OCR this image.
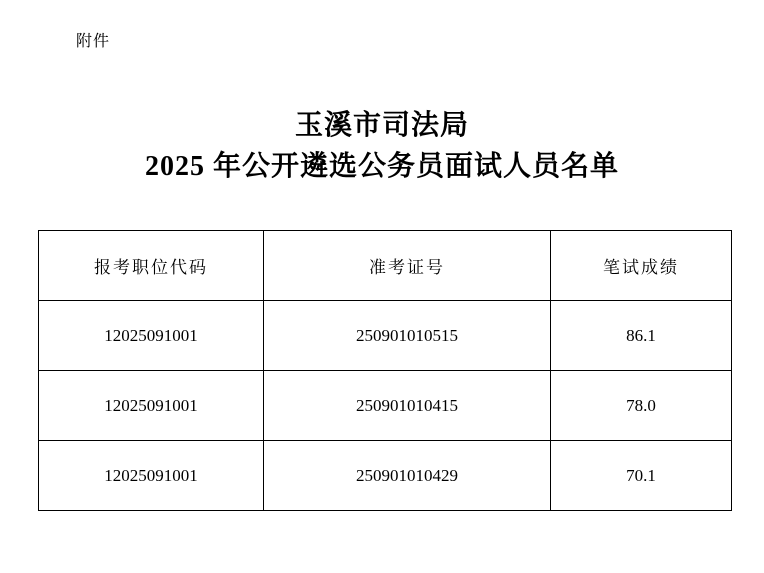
附件
玉溪市司法局
2025 年公开遴选公务员面试人员名单
报考职位代码	准考证号	笔试成绩
12025091001	250901010515	86.1
12025091001	250901010415	78.0
12025091001	250901010429	70.1
